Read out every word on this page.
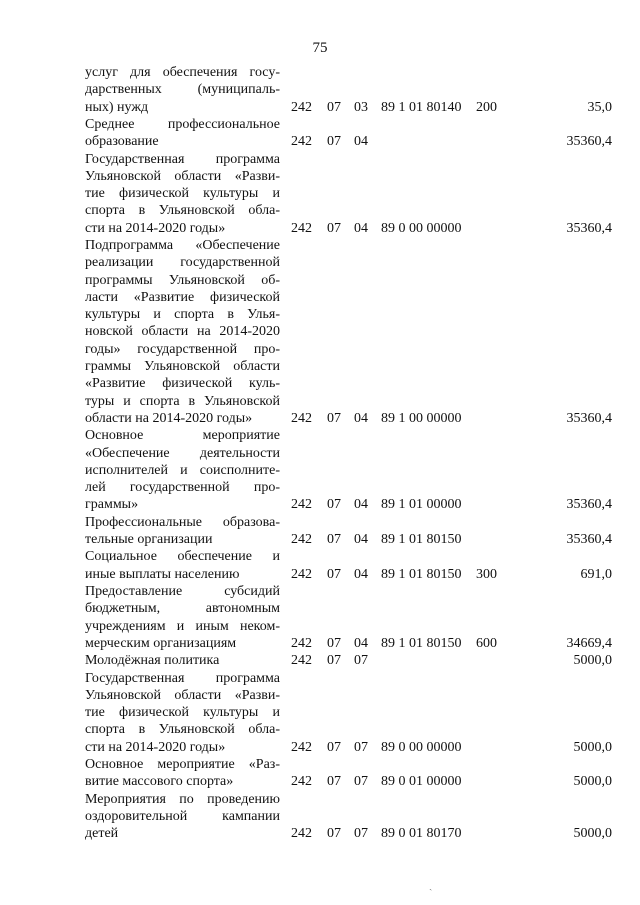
75
услуг для обеспечения госу-
дарственных (муниципаль-
ных) нужд	242 07 03 89 1 01 80140 200	35,0
Среднее профессиональное
образование	242 07 04	35360,4
Государственная программа
Ульяновской области «Разви-
тие физической культуры и
спорта в Ульяновской обла-
сти на 2014-2020 годы»	242 07 04 89 0 00 00000	35360,4
Подпрограмма «Обеспечение
реализации государственной
программы Ульяновской об-
ласти «Развитие физической
культуры и спорта в Улья-
новской области на 2014-2020
годы» государственной про-
граммы Ульяновской области
«Развитие физической куль-
туры и спорта в Ульяновской
области на 2014-2020 годы»	242 07 04 89 1 00 00000	35360,4
Основное мероприятие
«Обеспечение деятельности
исполнителей и соисполните-
лей государственной про-
граммы»	242 07 04 89 1 01 00000	35360,4
Профессиональные образова-
тельные организации	242 07 04 89 1 01 80150	35360,4
Социальное обеспечение и
иные выплаты населению	242 07 04 89 1 01 80150 300	691,0
Предоставление субсидий
бюджетным, автономным
учреждениям и иным неком-
мерческим организациям	242 07 04 89 1 01 80150 600	34669,4
Молодёжная политика	242 07 07	5000,0
Государственная программа
Ульяновской области «Разви-
тие физической культуры и
спорта в Ульяновской обла-
сти на 2014-2020 годы»	242 07 07 89 0 00 00000	5000,0
Основное мероприятие «Раз-
витие массового спорта»	242 07 07 89 0 01 00000	5000,0
Мероприятия по проведению
оздоровительной кампании
детей	242 07 07 89 0 01 80170	5000,0
ˎ
